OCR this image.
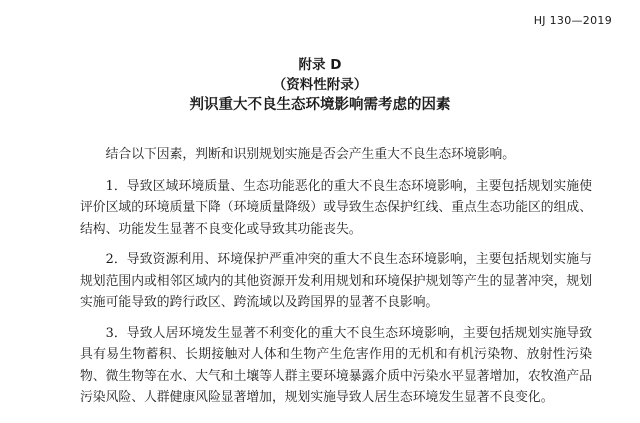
HJ 130—2019
附录 D
（资料性附录）
判识重大不良生态环境影响需考虑的因素

结合以下因素，判断和识别规划实施是否会产生重大不良生态环境影响。

1．导致区域环境质量、生态功能恶化的重大不良生态环境影响，主要包括规划实施使评价区域的环境质量下降（环境质量降级）或导致生态保护红线、重点生态功能区的组成、结构、功能发生显著不良变化或导致其功能丧失。

2．导致资源利用、环境保护严重冲突的重大不良生态环境影响，主要包括规划实施与规划范围内或相邻区域内的其他资源开发利用规划和环境保护规划等产生的显著冲突，规划实施可能导致的跨行政区、跨流域以及跨国界的显著不良影响。

3．导致人居环境发生显著不利变化的重大不良生态环境影响，主要包括规划实施导致具有易生物蓄积、长期接触对人体和生物产生危害作用的无机和有机污染物、放射性污染物、微生物等在水、大气和土壤等人群主要环境暴露介质中污染水平显著增加，农牧渔产品污染风险、人群健康风险显著增加，规划实施导致人居生态环境发生显著不良变化。
